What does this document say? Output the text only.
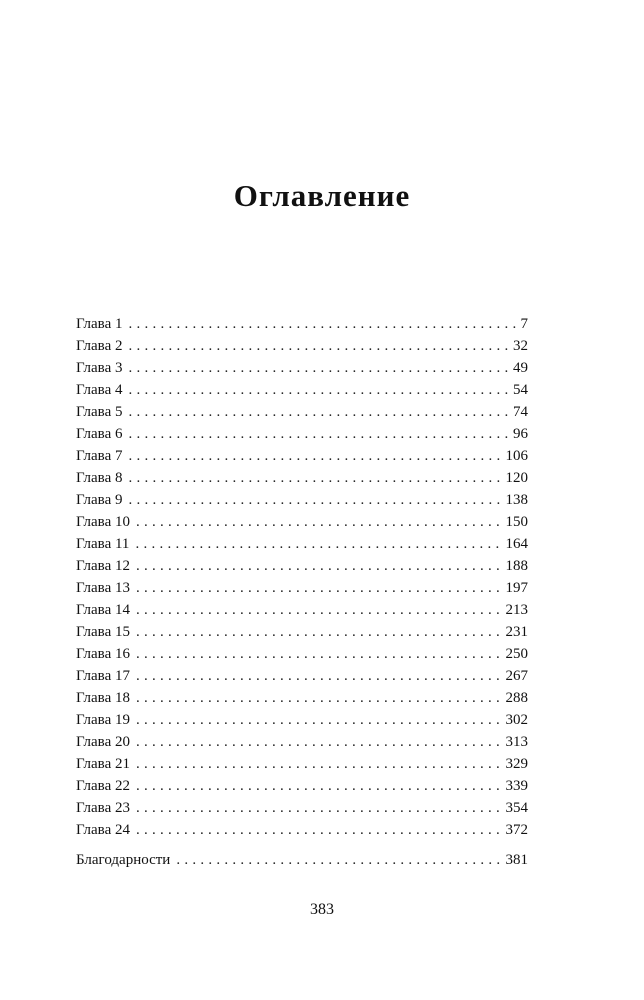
Оглавление
Глава 1 . . .	7
Глава 2 . . .	32
Глава 3 . . .	49
Глава 4 . . .	54
Глава 5 . . .	74
Глава 6 . . .	96
Глава 7 . . .	106
Глава 8 . . .	120
Глава 9 . . .	138
Глава 10 . . .	150
Глава 11 . . .	164
Глава 12 . . .	188
Глава 13 . . .	197
Глава 14 . . .	213
Глава 15 . . .	231
Глава 16 . . .	250
Глава 17 . . .	267
Глава 18 . . .	288
Глава 19 . . .	302
Глава 20 . . .	313
Глава 21 . . .	329
Глава 22 . . .	339
Глава 23 . . .	354
Глава 24 . . .	372
Благодарности . . .	381
383
